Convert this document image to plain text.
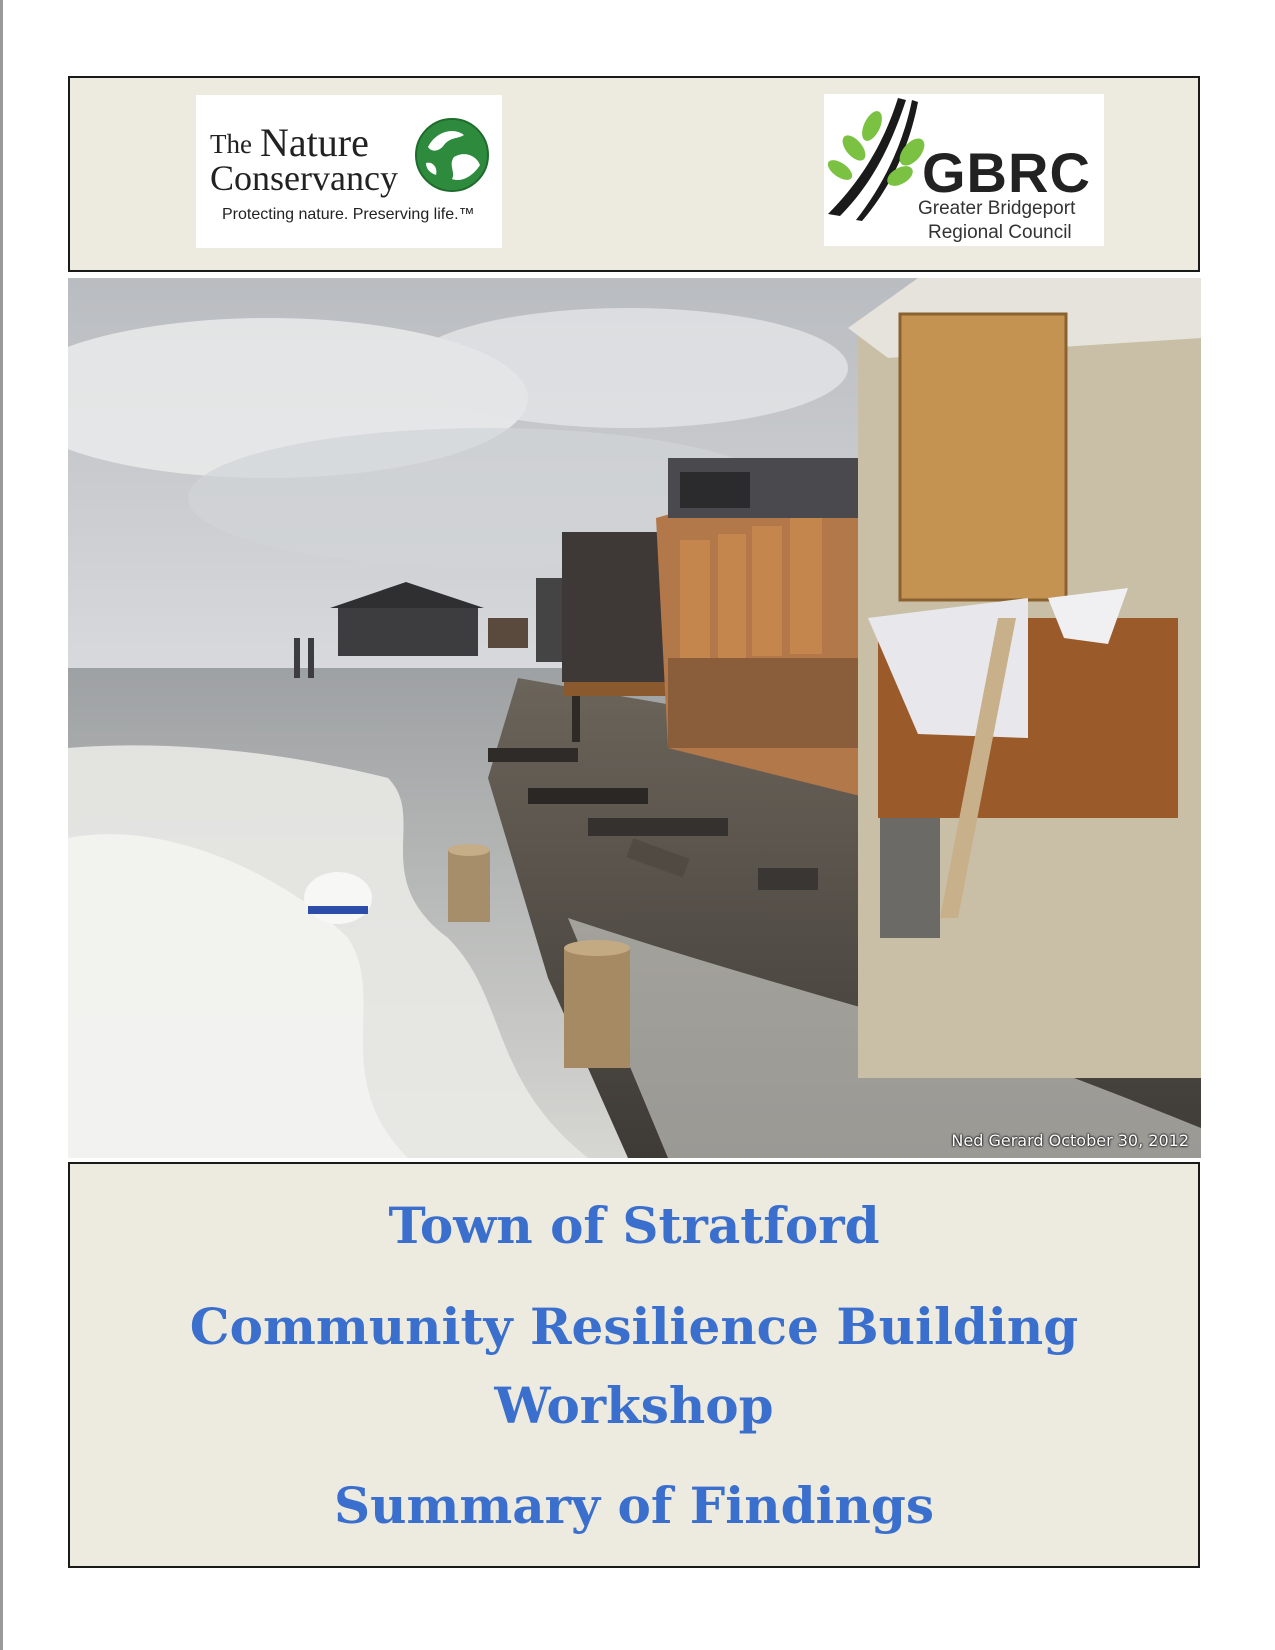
The Nature
Conservancy
Protecting nature. Preserving life.™
GBRC
Greater Bridgeport
Regional Council
Ned Gerard October 30, 2012
Town of Stratford
Community Resilience Building
Workshop
Summary of Findings
